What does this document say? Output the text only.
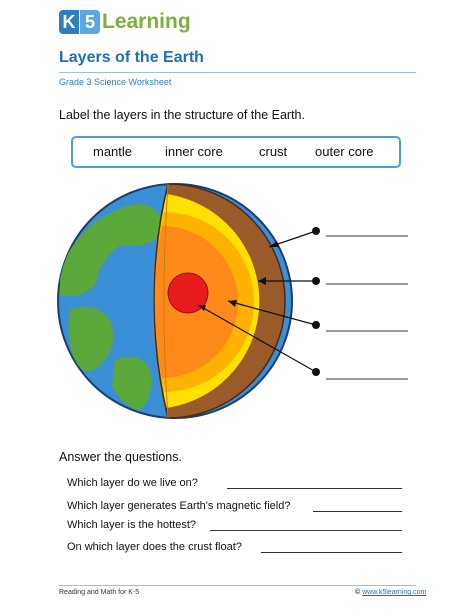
K 5 Learning
Layers of the Earth
Grade 3 Science Worksheet
Label the layers in the structure of the Earth.
mantle	inner core	crust outer core
Answer the questions.
Which layer do we live on?
Which layer generates Earth's magnetic field?
Which layer is the hottest?
On which layer does the crust float?
Reading and Math for K-5	© www.k5learning.com
